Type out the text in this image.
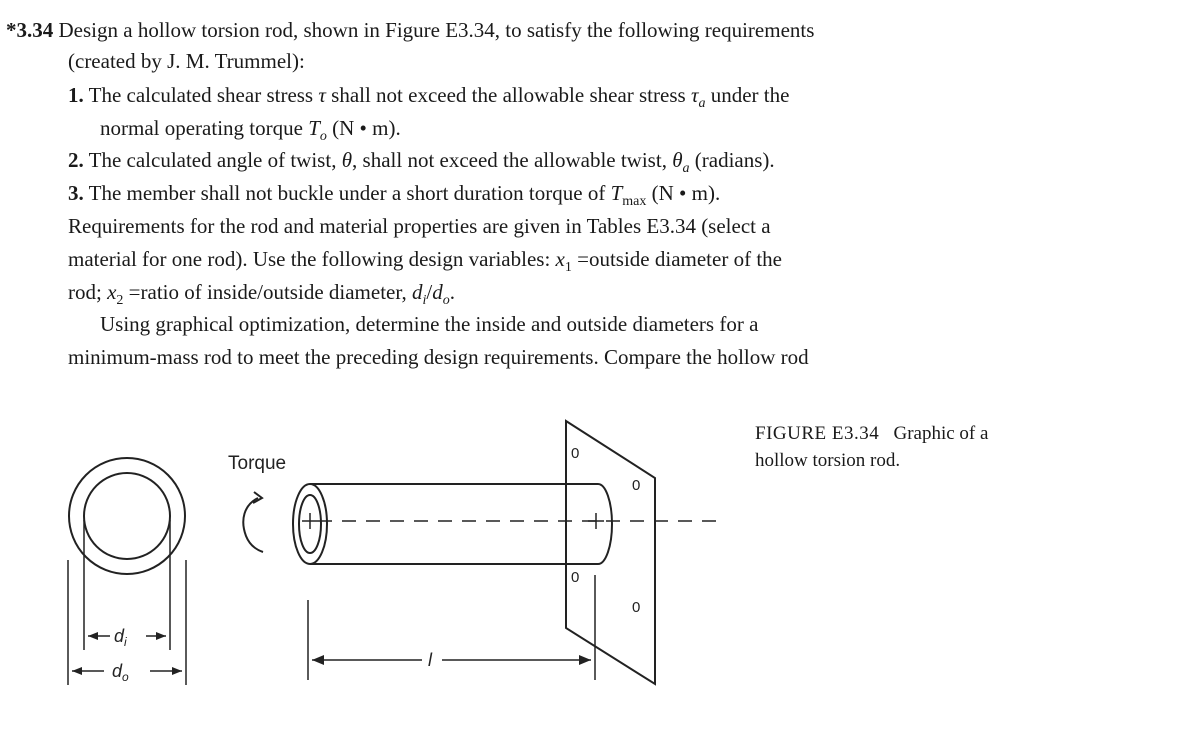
*3.34 Design a hollow torsion rod, shown in Figure E3.34, to satisfy the following requirements
(created by J. M. Trummel):
1. The calculated shear stress τ shall not exceed the allowable shear stress $\tau_a$ under the
normal operating torque $T_o$ (N • m).
2. The calculated angle of twist, θ, shall not exceed the allowable twist, $\theta_a$ (radians).
3. The member shall not buckle under a short duration torque of $T_{max}$ (N • m).
Requirements for the rod and material properties are given in Tables E3.34 (select a
material for one rod). Use the following design variables: $x_1$ =outside diameter of the
rod; $x_2$ =ratio of inside/outside diameter, $d_i/d_o$.
Using graphical optimization, determine the inside and outside diameters for a
minimum-mass rod to meet the preceding design requirements. Compare the hollow rod
FIGURE E3.34 Graphic of a
hollow torsion rod.
0
0
0
0
Torque
$d_i$
$d_o$
l
